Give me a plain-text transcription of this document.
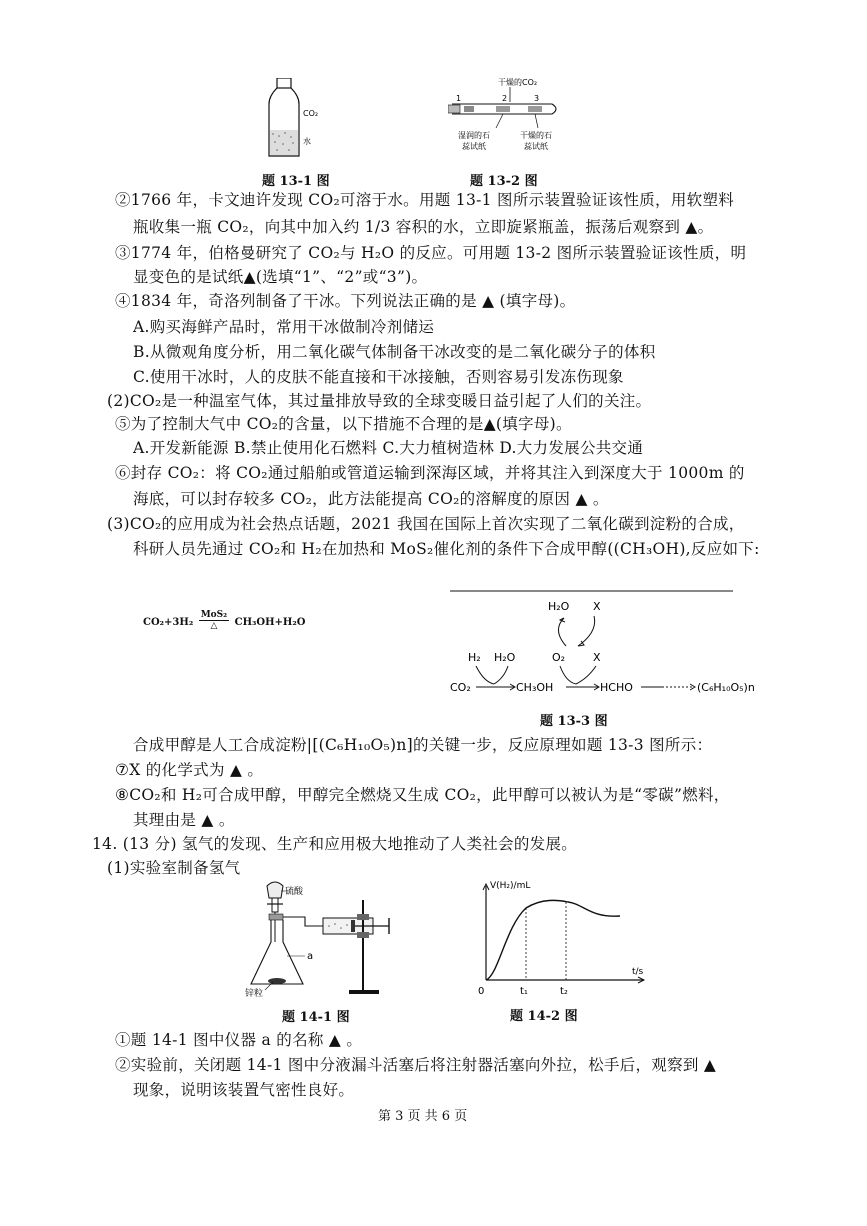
CO₂
水
题 13-1 图
干燥的CO₂
1	2	3
湿润的石
蕊试纸
干燥的石
蕊试纸
题 13-2 图
②1766 年，卡文迪许发现 CO₂可溶于水。用题 13-1 图所示装置验证该性质，用软塑料
瓶收集一瓶 CO₂，向其中加入约 1/3 容积的水，立即旋紧瓶盖，振荡后观察到 ▲。
③1774 年，伯格曼研究了 CO₂与 H₂O 的反应。可用题 13-2 图所示装置验证该性质，明
显变色的是试纸▲(选填“1”、“2”或“3”)。
④1834 年，奇洛列制备了干冰。下列说法正确的是 ▲ (填字母)。
A.购买海鲜产品时，常用干冰做制冷剂储运
B.从微观角度分析，用二氧化碳气体制备干冰改变的是二氧化碳分子的体积
C.使用干冰时，人的皮肤不能直接和干冰接触，否则容易引发冻伤现象
(2)CO₂是一种温室气体，其过量排放导致的全球变暖日益引起了人们的关注。
⑤为了控制大气中 CO₂的含量，以下措施不合理的是▲(填字母)。
A.开发新能源 B.禁止使用化石燃料 C.大力植树造林 D.大力发展公共交通
⑥封存 CO₂：将 CO₂通过船舶或管道运输到深海区域，并将其注入到深度大于 1000m 的
海底，可以封存较多 CO₂，此方法能提高 CO₂的溶解度的原因 ▲ 。
(3)CO₂的应用成为社会热点话题，2021 我国在国际上首次实现了二氧化碳到淀粉的合成，
科研人员先通过 CO₂和 H₂在加热和 MoS₂催化剂的条件下合成甲醇((CH₃OH),反应如下:
CO₂+3H₂
MoS₂
△	CH₃OH+H₂O
H₂O X
O₂	X
H₂ H₂O
CO₂	CH₃OH	HCHO	(C₆H₁₀O₅)n
题 13-3 图
合成甲醇是人工合成淀粉|[(C₆H₁₀O₅)n]的关键一步，反应原理如题 13-3 图所示：
⑦X 的化学式为 ▲ 。
⑧CO₂和 H₂可合成甲醇，甲醇完全燃烧又生成 CO₂，此甲醇可以被认为是“零碳”燃料，
其理由是 ▲ 。
14. (13 分) 氢气的发现、生产和应用极大地推动了人类社会的发展。
(1)实验室制备氢气
硫酸
a
锌粒
题 14-1 图
V(H₂)/mL
t/s
0	t₁	t₂
题 14-2 图
①题 14-1 图中仪器 a 的名称 ▲ 。
②实验前，关闭题 14-1 图中分液漏斗活塞后将注射器活塞向外拉，松手后，观察到 ▲
现象，说明该装置气密性良好。
第 3 页 共 6 页
